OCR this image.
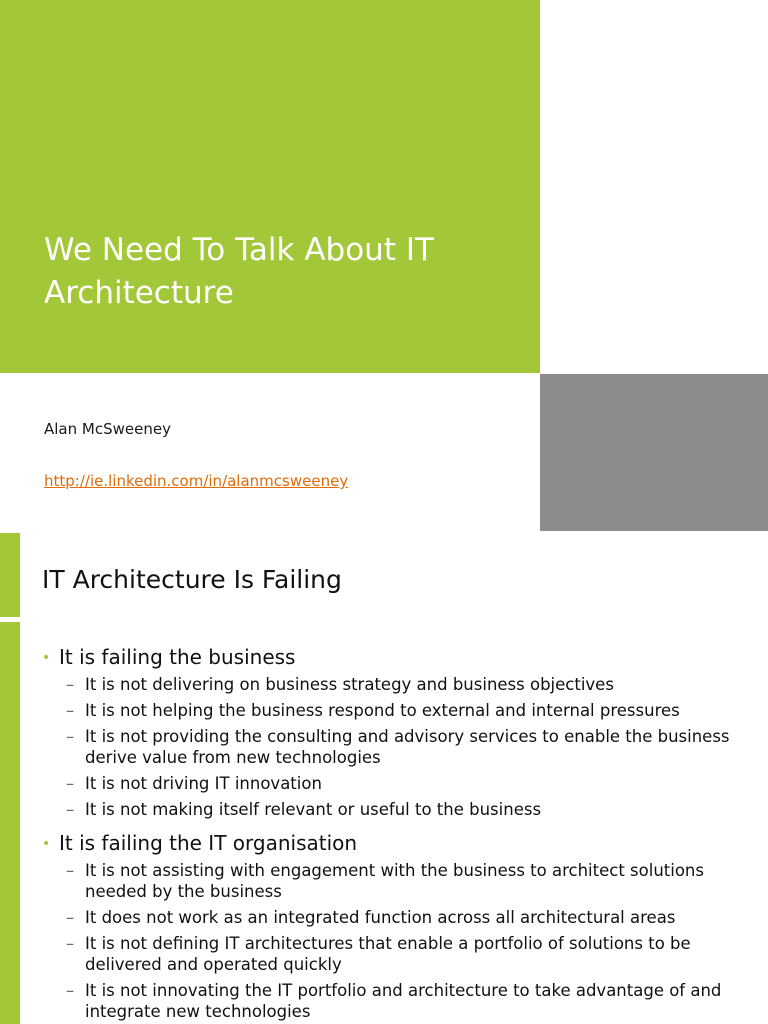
We Need To Talk About IT Architecture

Alan McSweeney

http://ie.linkedin.com/in/alanmcsweeney
IT Architecture Is Failing
• It is failing the business
– It is not delivering on business strategy and business objectives
– It is not helping the business respond to external and internal pressures
– It is not providing the consulting and advisory services to enable the business derive value from new technologies
– It is not driving IT innovation
– It is not making itself relevant or useful to the business
• It is failing the IT organisation
– It is not assisting with engagement with the business to architect solutions needed by the business
– It does not work as an integrated function across all architectural areas
– It is not defining IT architectures that enable a portfolio of solutions to be delivered and operated quickly
– It is not innovating the IT portfolio and architecture to take advantage of and integrate new technologies
